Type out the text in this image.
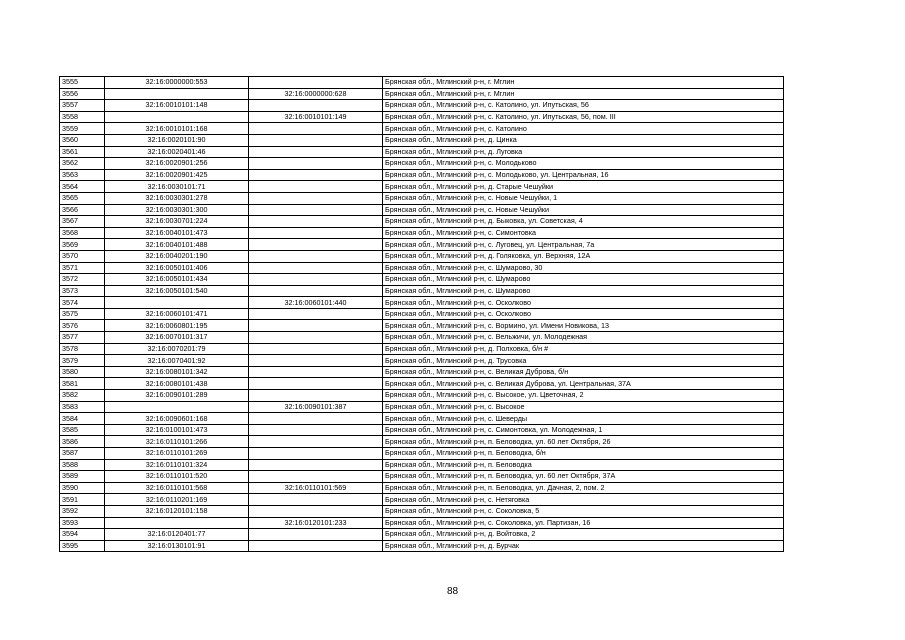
3555	32:16:0000000:553		Брянская обл., Мглинский р-н, г. Мглин
3556		32:16:0000000:628	Брянская обл., Мглинский р-н, г. Мглин
3557	32:16:0010101:148		Брянская обл., Мглинский р-н, с. Католино, ул. Ипутьская, 56
3558		32:16:0010101:149	Брянская обл., Мглинский р-н, с. Католино, ул. Ипутьская, 56, пом. III
3559	32:16:0010101:168		Брянская обл., Мглинский р-н, с. Католино
3560	32:16:0020101:90		Брянская обл., Мглинский р-н, д. Цинка
3561	32:16:0020401:46		Брянская обл., Мглинский р-н, д. Луговка
3562	32:16:0020901:256		Брянская обл., Мглинский р-н, с. Молодьково
3563	32:16:0020901:425		Брянская обл., Мглинский р-н, с. Молодьково, ул. Центральная, 16
3564	32:16:0030101:71		Брянская обл., Мглинский р-н, д. Старые Чешуйки
3565	32:16:0030301:278		Брянская обл., Мглинский р-н, с. Новые Чешуйки, 1
3566	32:16:0030301:300		Брянская обл., Мглинский р-н, с. Новые Чешуйки
3567	32:16:0030701:224		Брянская обл., Мглинский р-н, д. Быковка, ул. Советская, 4
3568	32:16:0040101:473		Брянская обл., Мглинский р-н, с. Симонтовка
3569	32:16:0040101:488		Брянская обл., Мглинский р-н, с. Луговец, ул. Центральная, 7а
3570	32:16:0040201:190		Брянская обл., Мглинский р-н, д. Голяковка, ул. Верхняя, 12А
3571	32:16:0050101:406		Брянская обл., Мглинский р-н, с. Шумарово, 30
3572	32:16:0050101:434		Брянская обл., Мглинский р-н, с. Шумарово
3573	32:16:0050101:540		Брянская обл., Мглинский р-н, с. Шумарово
3574		32:16:0060101:440	Брянская обл., Мглинский р-н, с. Осколково
3575	32:16:0060101:471		Брянская обл., Мглинский р-н, с. Осколково
3576	32:16:0060801:195		Брянская обл., Мглинский р-н, с. Вормино, ул. Имени Новикова, 13
3577	32:16:0070101:317		Брянская обл., Мглинский р-н, с. Вельжичи, ул. Молодежная
3578	32:16:0070201:79		Брянская обл., Мглинский р-н, д. Полховка, б/н #
3579	32:16:0070401:92		Брянская обл., Мглинский р-н, д. Трусовка
3580	32:16:0080101:342		Брянская обл., Мглинский р-н, с. Великая Дуброва, б/н
3581	32:16:0080101:438		Брянская обл., Мглинский р-н, с. Великая Дуброва, ул. Центральная, 37А
3582	32:16:0090101:289		Брянская обл., Мглинский р-н, с. Высокое, ул. Цветочная, 2
3583		32:16:0090101:387	Брянская обл., Мглинский р-н, с. Высокое
3584	32:16:0090601:168		Брянская обл., Мглинский р-н, с. Шеверды
3585	32:16:0100101:473		Брянская обл., Мглинский р-н, с. Симонтовка, ул. Молодежная, 1
3586	32:16:0110101:266		Брянская обл., Мглинский р-н, п. Беловодка, ул. 60 лет Октября, 26
3587	32:16:0110101:269		Брянская обл., Мглинский р-н, п. Беловодка, б/н
3588	32:16:0110101:324		Брянская обл., Мглинский р-н, п. Беловодка
3589	32:16:0110101:520		Брянская обл., Мглинский р-н, п. Беловодка, ул. 60 лет Октября, 37А
3590	32:16:0110101:568	32:16:0110101:569	Брянская обл., Мглинский р-н, п. Беловодка, ул. Дачная, 2, пом. 2
3591	32:16:0110201:169		Брянская обл., Мглинский р-н, с. Нетяговка
3592	32:16:0120101:158		Брянская обл., Мглинский р-н, с. Соколовка, 5
3593		32:16:0120101:233	Брянская обл., Мглинский р-н, с. Соколовка, ул. Партизан, 16
3594	32:16:0120401:77		Брянская обл., Мглинский р-н, д. Войтовка, 2
3595	32:16:0130101:91		Брянская обл., Мглинский р-н, д. Бурчак
88
